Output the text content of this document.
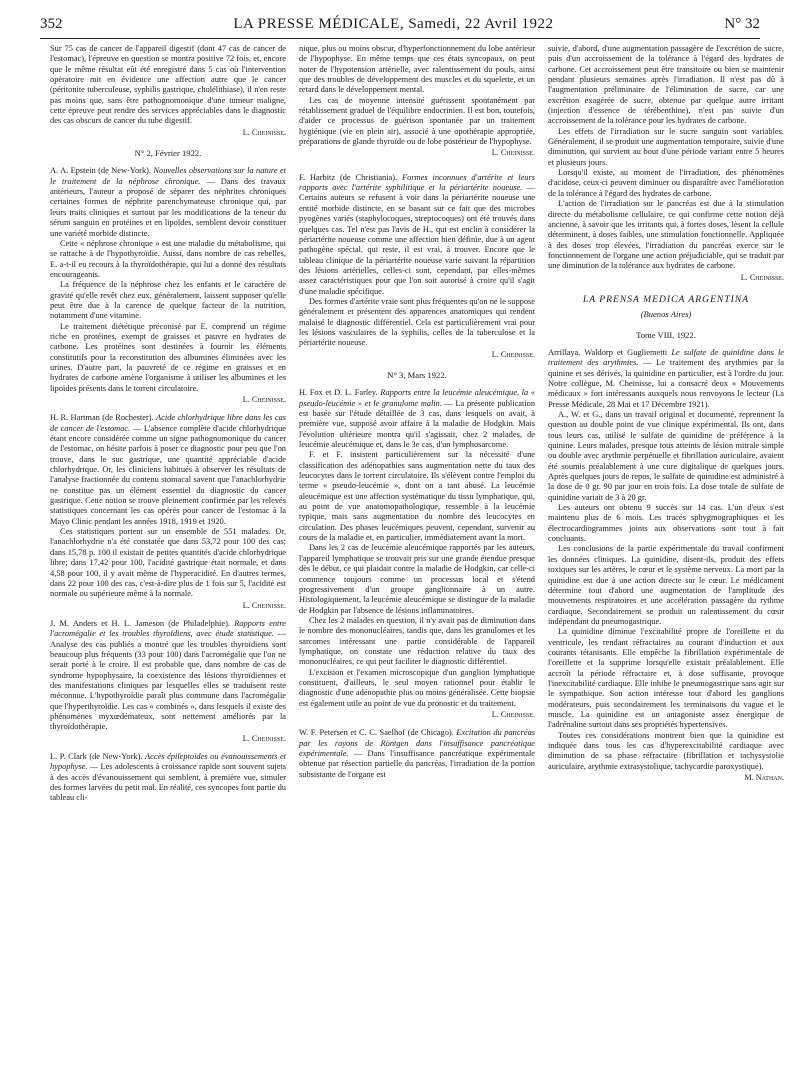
352	LA PRESSE MÉDICALE, Samedi, 22 Avril 1922	N° 32

Sur 75 cas de cancer de l'appareil digestif (dont 47 cas de cancer de l'estomac), l'épreuve en question se montra positive 72 fois, et, encore que le même résultat eût été enregistré dans 5 cas où l'intervention opératoire mit en évidence une affection autre que le cancer (péritonite tuberculeuse, syphilis gastrique, cholélithiase), il n'en reste pas moins que, sans être pathognomonique d'une tumeur maligne, cette épreuve peut rendre des services appréciables dans le diagnostic des cas obscurs de cancer du tube digestif.

L. Cheinisse.
N° 2, Février 1922.

A. A. Epstein (de New-York). Nouvelles observations sur la nature et le traitement de la néphrose chronique. — Dans des travaux antérieurs, l'auteur a proposé de séparer des néphrites chroniques certaines formes de néphrite parenchymateuse chronique qui, par leurs traits cliniques et surtout par les modifications de la teneur du sérum sanguin en protéines et en lipoïdes, semblent devoir constituer une variété morbide distincte.

Cette « néphrose chronique » est une maladie du métabolisme, qui se rattache à de l'hypothyroïdie. Aussi, dans nombre de cas rebelles, E. a-t-il eu recours à la thyroïdothérapie, qui lui a donné des résultats encourageants.

La fréquence de la néphrose chez les enfants et le caractère de gravité qu'elle revêt chez eux, généralement, laissent supposer qu'elle peut être due à la carence de quelque facteur de la nutrition, notamment d'une vitamine.

Le traitement diététique préconisé par E. comprend un régime riche en protéines, exempt de graisses et pauvre en hydrates de carbone. Les protéines sont destinées à fournir les éléments constitutifs pour la reconstitution des albumines éliminées avec les urines. D'autre part, la pauvreté de ce régime en graisses et en hydrates de carbone amène l'organisme à utiliser les albumines et les lipoïdes présents dans le torrent circulatoire.

L. Cheinisse.

H. R. Hartman (de Rochester). Acide chlorhydrique libre dans les cas de cancer de l'estomac. — L'absence complète d'acide chlorhydrique étant encore considérée comme un signe pathognomonique du cancer de l'estomac, on hésite parfois à poser ce diagnostic pour peu que l'on trouve, dans le suc gastrique, une quantité appréciable d'acide chlorhydrique. Or, les cliniciens habitués à observer les résultats de l'analyse fractionnée du contenu stomacal savent que l'anachlorhydrie ne constitue pas un élément essentiel du diagnostic du cancer gastrique. Cette notion se trouve pleinement confirmée par les relevés statistiques concernant les cas opérés pour cancer de l'estomac à la Mayo Clinic pendant les années 1918, 1919 et 1920.

Ces statistiques portent sur un ensemble de 551 malades. Or, l'anachlorhydrie n'a été constatée que dans 53,72 pour 100 des cas; dans 15,78 p. 100 il existait de petites quantités d'acide chlorhydrique libre; dans 17,42 pour 100, l'acidité gastrique était normale, et dans 4,58 pour 100, il y avait même de l'hyperacidité. En d'autres termes, dans 22 pour 100 des cas, c'est-à-dire plus de 1 fois sur 5, l'acidité est normale ou supérieure même à la normale.

L. Cheinisse.

J. M. Anders et H. L. Jameson (de Philadelphie). Rapports entre l'acromégalie et les troubles thyroïdiens, avec étude statistique. — Analyse des cas publiés a montré que les troubles thyroïdiens sont beaucoup plus fréquents (33 pour 100) dans l'acromégalie que l'on ne serait porté à le croire. Il est probable que, dans nombre de cas de syndrome hypophysaire, la coexistence des lésions thyroïdiennes et des manifestations cliniques par lesquelles elles se traduisent reste méconnue. L'hypothyroïdie paraît plus commune dans l'acromégalie que l'hyperthyroïdie. Les cas « combinés », dans lesquels il existe des phénomènes myxœdémateux, sont nettement améliorés par la thyroïdothérapie.

L. Cheinisse.

L. P. Clark (de New-York). Accès épileptoïdes ou évanouissements et hypophyse. — Les adolescents à croissance rapide sont souvent sujets à des accès d'évanouissement qui semblent, à première vue, simuler des formes larvées du petit mal. En réalité, ces syncopes font partie du tableau cli-

nique, plus ou moins obscur, d'hyperfonctionnement du lobe antérieur de l'hypophyse. En même temps que ces états syncopaux, on peut noter de l'hypotension artérielle, avec ralentissement du pouls, ainsi que des troubles de développement des muscles et du squelette, et un retard dans le développement mental.

Les cas de moyenne intensité guérissent spontanément par rétablissement graduel de l'équilibre endocrinien. Il est bon, toutefois, d'aider ce processus de guérison spontanée par un traitement hygiénique (vie en plein air), associé à une opothérapie appropriée, préparations de glande thyroïde ou de lobe postérieur de l'hypophyse.

L. Cheinisse.

F. Harbitz (de Christiania). Formes inconnues d'artérite et leurs rapports avec l'artérite syphilitique et la périartérite noueuse. — Certains auteurs se refusent à voir dans la périartérite noueuse une entité morbide distincte, en se basant sur ce fait que des microbes pyogènes variés (staphylocoques, streptocoques) ont été trouvés dans quelques cas. Tel n'est pas l'avis de H., qui est enclin à considérer la périartérite noueuse comme une affection bien définie, due à un agent pathogène spécial, qui reste, il est vrai, à trouver. Encore que le tableau clinique de la périartérite noueuse varie suivant la répartition des lésions artérielles, celles-ci sont, cependant, par elles-mêmes assez caractéristiques pour que l'on soit autorisé à croire qu'il s'agit d'une maladie spécifique.

Des formes d'artérite vraie sont plus fréquentes qu'on ne le suppose généralement et présentent des apparences anatomiques qui rendent malaisé le diagnostic différentiel. Cela est particulièrement vrai pour les lésions vasculaires de la syphilis, celles de la tuberculose et la périartérite noueuse.

L. Cheinisse.
N° 3, Mars 1922.

H. Fox et D. L. Farley. Rapports entre la leucémie aleucémique, la « pseudo-leucémie » et le granulome malin. — La présente publication est basée sur l'étude détaillée de 3 cas, dans lesquels on avait, à première vue, supposé avoir affaire à la maladie de Hodgkin. Mais l'évolution ultérieure montra qu'il s'agissait, chez 2 malades, de leucémie aleucémique et, dans le 3e cas, d'un lymphosarcome.

F. et F. insistent particulièrement sur la nécessité d'une classification des adénopathies sans augmentation nette du taux des leucocytes dans le torrent circulatoire. Ils s'élèvent contre l'emploi du terme « pseudo-leucémie », dont on a tant abusé. La leucémie aleucémique est une affection systématique du tissu lymphatique, qui, au point de vue anatomopathologique, ressemble à la leucémie typique, mais sans augmentation du nombre des leucocytes en circulation. Des phases leucémiques peuvent, cependant, survenir au cours de la maladie et, en particulier, immédiatement avant la mort.

Dans les 2 cas de leucémie aleucémique rapportés par les auteurs, l'appareil lymphatique se trouvait pris sur une grande étendue presque dès le début, ce qui plaidait contre la maladie de Hodgkin, car celle-ci commence toujours comme un processus local et s'étend progressivement d'un groupe ganglionnaire à un autre. Histologiquement, la leucémie aleucémique se distingue de la maladie de Hodgkin par l'absence de lésions inflammatoires.

Chez les 2 malades en question, il n'y avait pas de diminution dans le nombre des mononucléaires, tandis que, dans les granulomes et les sarcomes intéressant une partie considérable de l'appareil lymphatique, on constate une réduction relative du taux des mononucléaires, ce qui peut faciliter le diagnostic différentiel.

L'excision et l'examen microscopique d'un ganglion lymphatique constituent, d'ailleurs, le seul moyen rationnel pour établir le diagnostic d'une adénopathie plus ou moins généralisée. Cette biopsie est également utile au point de vue du pronostic et du traitement.

L. Cheinisse.

W. F. Petersen et C. C. Saelhof (de Chicago). Excitation du pancréas par les rayons de Röntgen dans l'insuffisance pancréatique expérimentale. — Dans l'insuffisance pancréatique expérimentale obtenue par résection partielle du pancréas, l'irradiation de la portion subsistante de l'organe est

suivie, d'abord, d'une augmentation passagère de l'excrétion de sucre, puis d'un accroissement de la tolérance à l'égard des hydrates de carbone. Cet accroissement peut être transitoire ou bien se maintenir pendant plusieurs semaines après l'irradiation. Il n'est pas dû à l'augmentation préliminaire de l'élimination de sucre, car une excrétion exagérée de sucre, obtenue par quelque autre irritant (injection d'essence de térébenthine), n'est pas suivie d'un accroissement de la tolérance pour les hydrates de carbone.

Les effets de l'irradiation sur le sucre sanguin sont variables. Généralement, il se produit une augmentation temporaire, suivie d'une diminution, qui survient au bout d'une période variant entre 5 heures et plusieurs jours.

Lorsqu'il existe, au moment de l'irradiation, des phénomènes d'acidose, ceux-ci peuvent diminuer ou disparaître avec l'amélioration de la tolérance à l'égard des hydrates de carbone.

L'action de l'irradiation sur le pancréas est due à la stimulation directe du métabolisme cellulaire, ce qui confirme cette notion déjà ancienne, à savoir que les irritants qui, à fortes doses, lèsent la cellule déterminent, à doses faibles, une stimulation fonctionnelle. Appliquée à des doses trop élevées, l'irradiation du pancréas exerce sur le fonctionnement de l'organe une action préjudiciable, qui se traduit par une diminution de la tolérance aux hydrates de carbone.

L. Cheinisse.
LA PRENSA MEDICA ARGENTINA
(Buenos Aires)
Tome VIII, 1922.

Arrillaya, Waldorp et Gugliemetti Le sulfate de quinidine dans le traitement des arythmies. — Le traitement des arythmies par la quinine et ses dérivés, la quinidine en particulier, est à l'ordre du jour. Notre collègue, M. Cheinisse, lui a consacré deux « Mouvements médicaux » fort intéressants auxquels nous renvoyons le lecteur (La Presse Médicale, 28 Mai et 17 Décembre 1921).

A., W. et G., dans un travail original et documenté, reprennent la question au double point de vue clinique expérimental. Ils ont, dans tous leurs cas, utilisé le sulfate de quinidine de préférence à la quinine. Leurs malades, presque tous atteints de lésion mitrale simple ou double avec arythmie perpétuelle et fibrillation auriculaire, avaient été soumis préalablement à une cure digitalique de quelques jours. Après quelques jours de repos, le sulfate de quinidine est administré à la dose de 0 gr. 90 par jour en trois fois. La dose totale de sulfate de quinidine variait de 3 à 20 gr.

Les auteurs ont obtenu 9 succès sur 14 cas. L'un d'eux s'est maintenu plus de 6 mois. Les tracés sphygmographiques et les électrocardiogrammes joints aux observations sont tout à fait concluants.

Les conclusions de la partie expérimentale du travail confirment les données cliniques. La quinidine, disent-ils, produit des effets toxiques sur les artères, le cœur et le système nerveux. La mort par la quinidine est due à une action directe sur le cœur. Le médicament détermine tout d'abord une augmentation de l'amplitude des mouvements respiratoires et une accélération passagère du rythme cardiaque. Secondairement se produit un ralentissement du cœur indépendant du pneumogastrique.

La quinidine diminue l'excitabilité propre de l'oreillette et du ventricule, les rendant réfractaires au courant d'induction et aux courants tétanisants. Elle empêche la fibrillation expérimentale de l'oreillette et la supprime lorsqu'elle existait préalablement. Elle accroît la période réfractaire et, à dose suffisante, provoque l'inexcitabilité cardiaque. Elle inhibe le pneumogastrique sans agir sur le sympathique. Son action intéresse tout d'abord les ganglions modérateurs, puis secondairement les terminaisons du vague et le muscle. La quinidine est un antagoniste assez énergique de l'adrénaline surtout dans ses propriétés hypertensives.

Toutes ces considérations montrent bien que la quinidine est indiquée dans tous les cas d'hyperexcitabilité cardiaque avec diminution de sa phase réfractaire (fibrillation et tachysystolie auriculaire, arythmie extrasystolique, tachycardie paroxystique).

M. Nathan.
